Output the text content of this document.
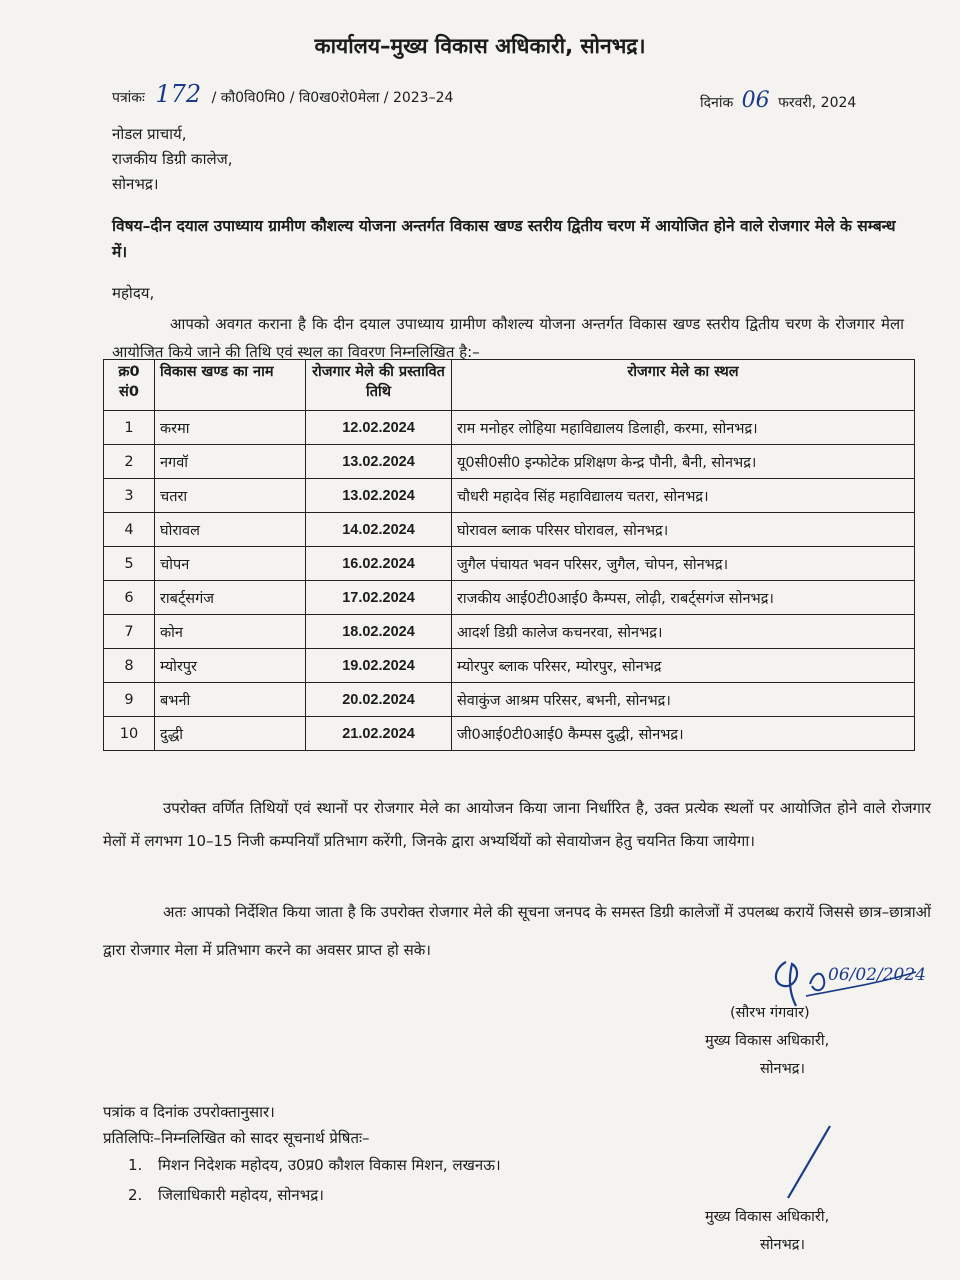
कार्यालय–मुख्य विकास अधिकारी, सोनभद्र।
पत्रांकः 172 / कौ0वि0मि0 / वि0ख0रो0मेला / 2023–24	दिनांक 06 फरवरी, 2024
नोडल प्राचार्य,
राजकीय डिग्री कालेज,
सोनभद्र।
विषय–दीन दयाल उपाध्याय ग्रामीण कौशल्य योजना अन्तर्गत विकास खण्ड स्तरीय द्वितीय चरण में आयोजित होने वाले रोजगार मेले के सम्बन्ध में।
महोदय,
आपको अवगत कराना है कि दीन दयाल उपाध्याय ग्रामीण कौशल्य योजना अन्तर्गत विकास खण्ड स्तरीय द्वितीय चरण के रोजगार मेला आयोजित किये जाने की तिथि एवं स्थल का विवरण निम्नलिखित है:–
क्र0 सं0	विकास खण्ड का नाम	रोजगार मेले की प्रस्तावित तिथि	रोजगार मेले का स्थल
1	करमा	12.02.2024	राम मनोहर लोहिया महाविद्यालय डिलाही, करमा, सोनभद्र।
2	नगवॉ	13.02.2024	यू0सी0सी0 इन्फोटेक प्रशिक्षण केन्द्र पौनी, बैनी, सोनभद्र।
3	चतरा	13.02.2024	चौधरी महादेव सिंह महाविद्यालय चतरा, सोनभद्र।
4	घोरावल	14.02.2024	घोरावल ब्लाक परिसर घोरावल, सोनभद्र।
5	चोपन	16.02.2024	जुगैल पंचायत भवन परिसर, जुगैल, चोपन, सोनभद्र।
6	राबर्ट्सगंज	17.02.2024	राजकीय आई0टी0आई0 कैम्पस, लोढ़ी, राबर्ट्सगंज सोनभद्र।
7	कोन	18.02.2024	आदर्श डिग्री कालेज कचनरवा, सोनभद्र।
8	म्योरपुर	19.02.2024	म्योरपुर ब्लाक परिसर, म्योरपुर, सोनभद्र
9	बभनी	20.02.2024	सेवाकुंज आश्रम परिसर, बभनी, सोनभद्र।
10	दुद्धी	21.02.2024	जी0आई0टी0आई0 कैम्पस दुद्धी, सोनभद्र।
उपरोक्त वर्णित तिथियों एवं स्थानों पर रोजगार मेले का आयोजन किया जाना निर्धारित है, उक्त प्रत्येक स्थलों पर आयोजित होने वाले रोजगार मेलों में लगभग 10–15 निजी कम्पनियॉं प्रतिभाग करेंगी, जिनके द्वारा अभ्यर्थियों को सेवायोजन हेतु चयनित किया जायेगा।
अतः आपको निर्देशित किया जाता है कि उपरोक्त रोजगार मेले की सूचना जनपद के समस्त डिग्री कालेजों में उपलब्ध करायें जिससे छात्र–छात्राओं द्वारा रोजगार मेला में प्रतिभाग करने का अवसर प्राप्त हो सके।
06/02/2024
(सौरभ गंगवार)
मुख्य विकास अधिकारी,
सोनभद्र।
पत्रांक व दिनांक उपरोक्तानुसार।
प्रतिलिपिः–निम्नलिखित को सादर सूचनार्थ प्रेषितः–
1. मिशन निदेशक महोदय, उ0प्र0 कौशल विकास मिशन, लखनऊ।
2. जिलाधिकारी महोदय, सोनभद्र।
मुख्य विकास अधिकारी,
सोनभद्र।
